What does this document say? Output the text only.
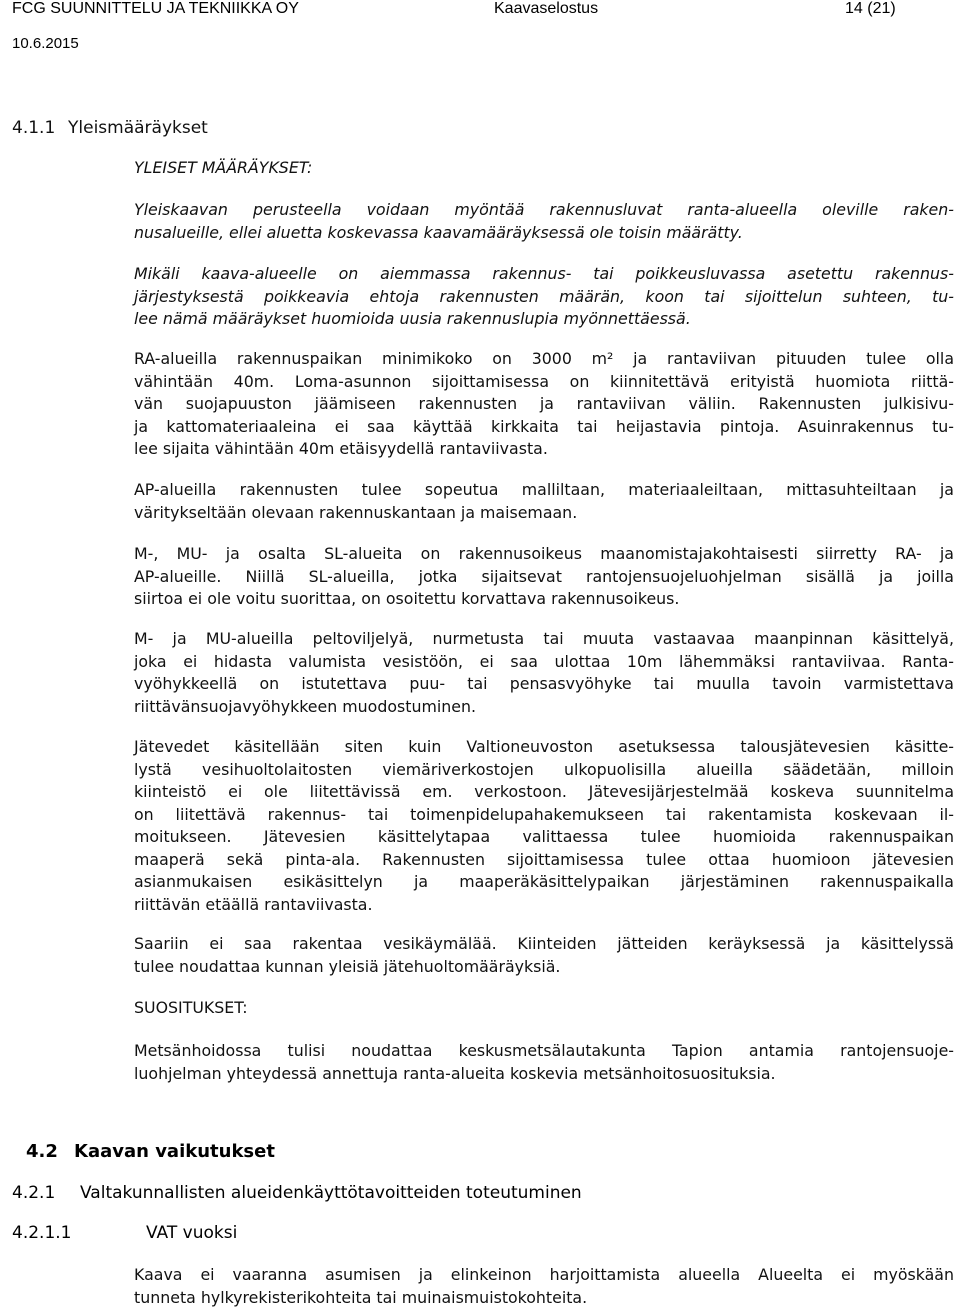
FCG SUUNNITTELU JA TEKNIIKKA OY	Kaavaselostus	14 (21)
10.6.2015
4.1.1 Yleismääräykset

YLEISET MÄÄRÄYKSET:

Yleiskaavan perusteella voidaan myöntää rakennusluvat ranta-alueella oleville raken-
nusalueille, ellei aluetta koskevassa kaavamääräyksessä ole toisin määrätty.

Mikäli kaava-alueelle on aiemmassa rakennus- tai poikkeusluvassa asetettu rakennus-
järjestyksestä poikkeavia ehtoja rakennusten määrän, koon tai sijoittelun suhteen, tu-
lee nämä määräykset huomioida uusia rakennuslupia myönnettäessä.

RA-alueilla rakennuspaikan minimikoko on 3000 m² ja rantaviivan pituuden tulee olla
vähintään 40m. Loma-asunnon sijoittamisessa on kiinnitettävä erityistä huomiota riittä-
vän suojapuuston jäämiseen rakennusten ja rantaviivan väliin. Rakennusten julkisivu-
ja kattomateriaaleina ei saa käyttää kirkkaita tai heijastavia pintoja. Asuinrakennus tu-
lee sijaita vähintään 40m etäisyydellä rantaviivasta.

AP-alueilla rakennusten tulee sopeutua malliltaan, materiaaleiltaan, mittasuhteiltaan ja
väritykseltään olevaan rakennuskantaan ja maisemaan.

M-, MU- ja osalta SL-alueita on rakennusoikeus maanomistajakohtaisesti siirretty RA- ja
AP-alueille. Niillä SL-alueilla, jotka sijaitsevat rantojensuojeluohjelman sisällä ja joilla
siirtoa ei ole voitu suorittaa, on osoitettu korvattava rakennusoikeus.

M- ja MU-alueilla peltoviljelyä, nurmetusta tai muuta vastaavaa maanpinnan käsittelyä,
joka ei hidasta valumista vesistöön, ei saa ulottaa 10m lähemmäksi rantaviivaa. Ranta-
vyöhykkeellä on istutettava puu- tai pensasvyöhyke tai muulla tavoin varmistettava
riittävänsuojavyöhykkeen muodostuminen.

Jätevedet käsitellään siten kuin Valtioneuvoston asetuksessa talousjätevesien käsitte-
lystä vesihuoltolaitosten viemäriverkostojen ulkopuolisilla alueilla säädetään, milloin
kiinteistö ei ole liitettävissä em. verkostoon. Jätevesijärjestelmää koskeva suunnitelma
on liitettävä rakennus- tai toimenpidelupahakemukseen tai rakentamista koskevaan il-
moitukseen. Jätevesien käsittelytapaa valittaessa tulee huomioida rakennuspaikan
maaperä sekä pinta-ala. Rakennusten sijoittamisessa tulee ottaa huomioon jätevesien
asianmukaisen esikäsittelyn ja maaperäkäsittelypaikan järjestäminen rakennuspaikalla
riittävän etäällä rantaviivasta.

Saariin ei saa rakentaa vesikäymälää. Kiinteiden jätteiden keräyksessä ja käsittelyssä
tulee noudattaa kunnan yleisiä jätehuoltomääräyksiä.

SUOSITUKSET:

Metsänhoidossa tulisi noudattaa keskusmetsälautakunta Tapion antamia rantojensuoje-
luohjelman yhteydessä annettuja ranta-alueita koskevia metsänhoitosuosituksia.

4.2 Kaavan vaikutukset
4.2.1 Valtakunnallisten alueidenkäyttötavoitteiden toteutuminen
4.2.1.1	VAT vuoksi

Kaava ei vaaranna asumisen ja elinkeinon harjoittamista alueella Alueelta ei myöskään
tunneta hylkyrekisterikohteita tai muinaismuistokohteita.
